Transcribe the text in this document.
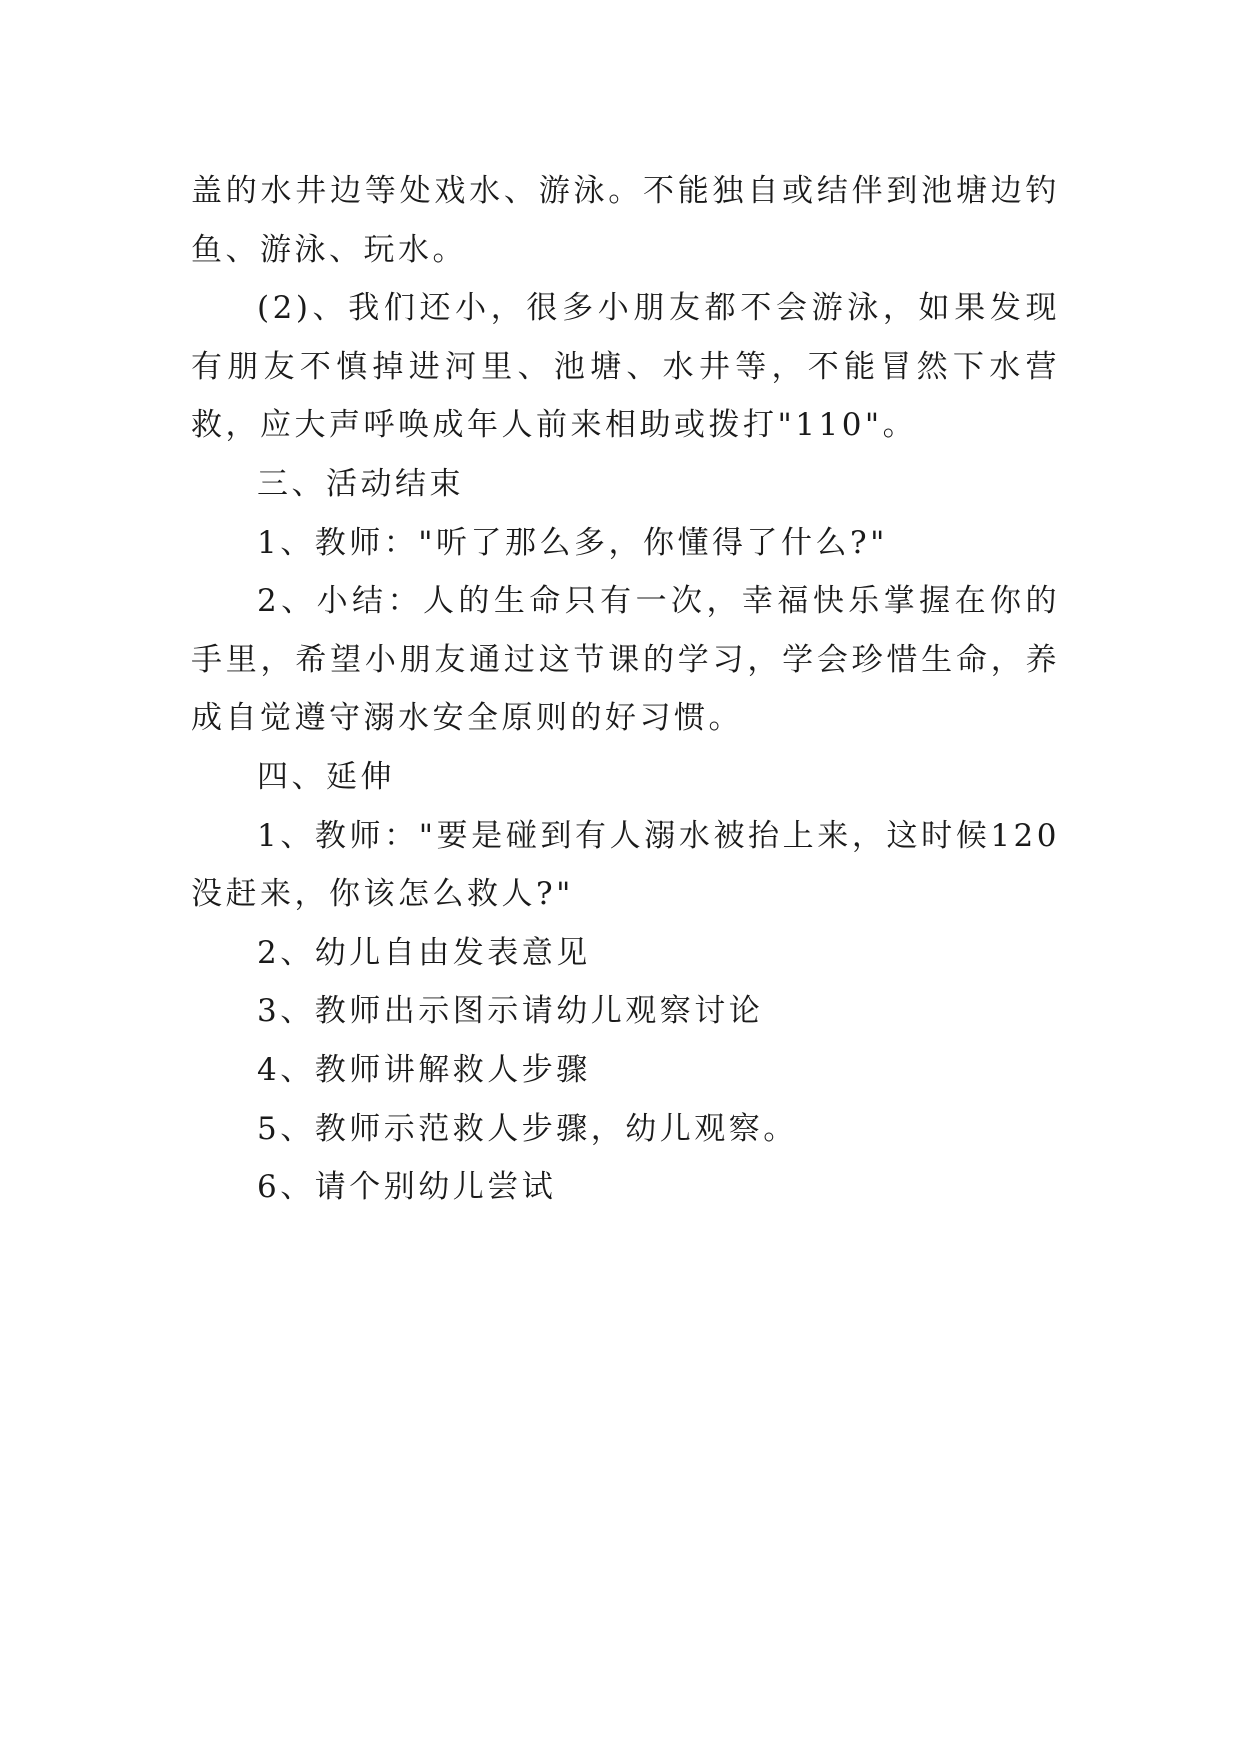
盖的水井边等处戏水、游泳。不能独自或结伴到池塘边钓鱼、游泳、玩水。

(2)、我们还小，很多小朋友都不会游泳，如果发现有朋友不慎掉进河里、池塘、水井等，不能冒然下水营救，应大声呼唤成年人前来相助或拨打"110"。

三、活动结束

1、教师："听了那么多，你懂得了什么?"

2、小结：人的生命只有一次，幸福快乐掌握在你的手里，希望小朋友通过这节课的学习，学会珍惜生命，养成自觉遵守溺水安全原则的好习惯。

四、延伸

1、教师："要是碰到有人溺水被抬上来，这时候120没赶来，你该怎么救人?"

2、幼儿自由发表意见

3、教师出示图示请幼儿观察讨论

4、教师讲解救人步骤

5、教师示范救人步骤，幼儿观察。

6、请个别幼儿尝试
